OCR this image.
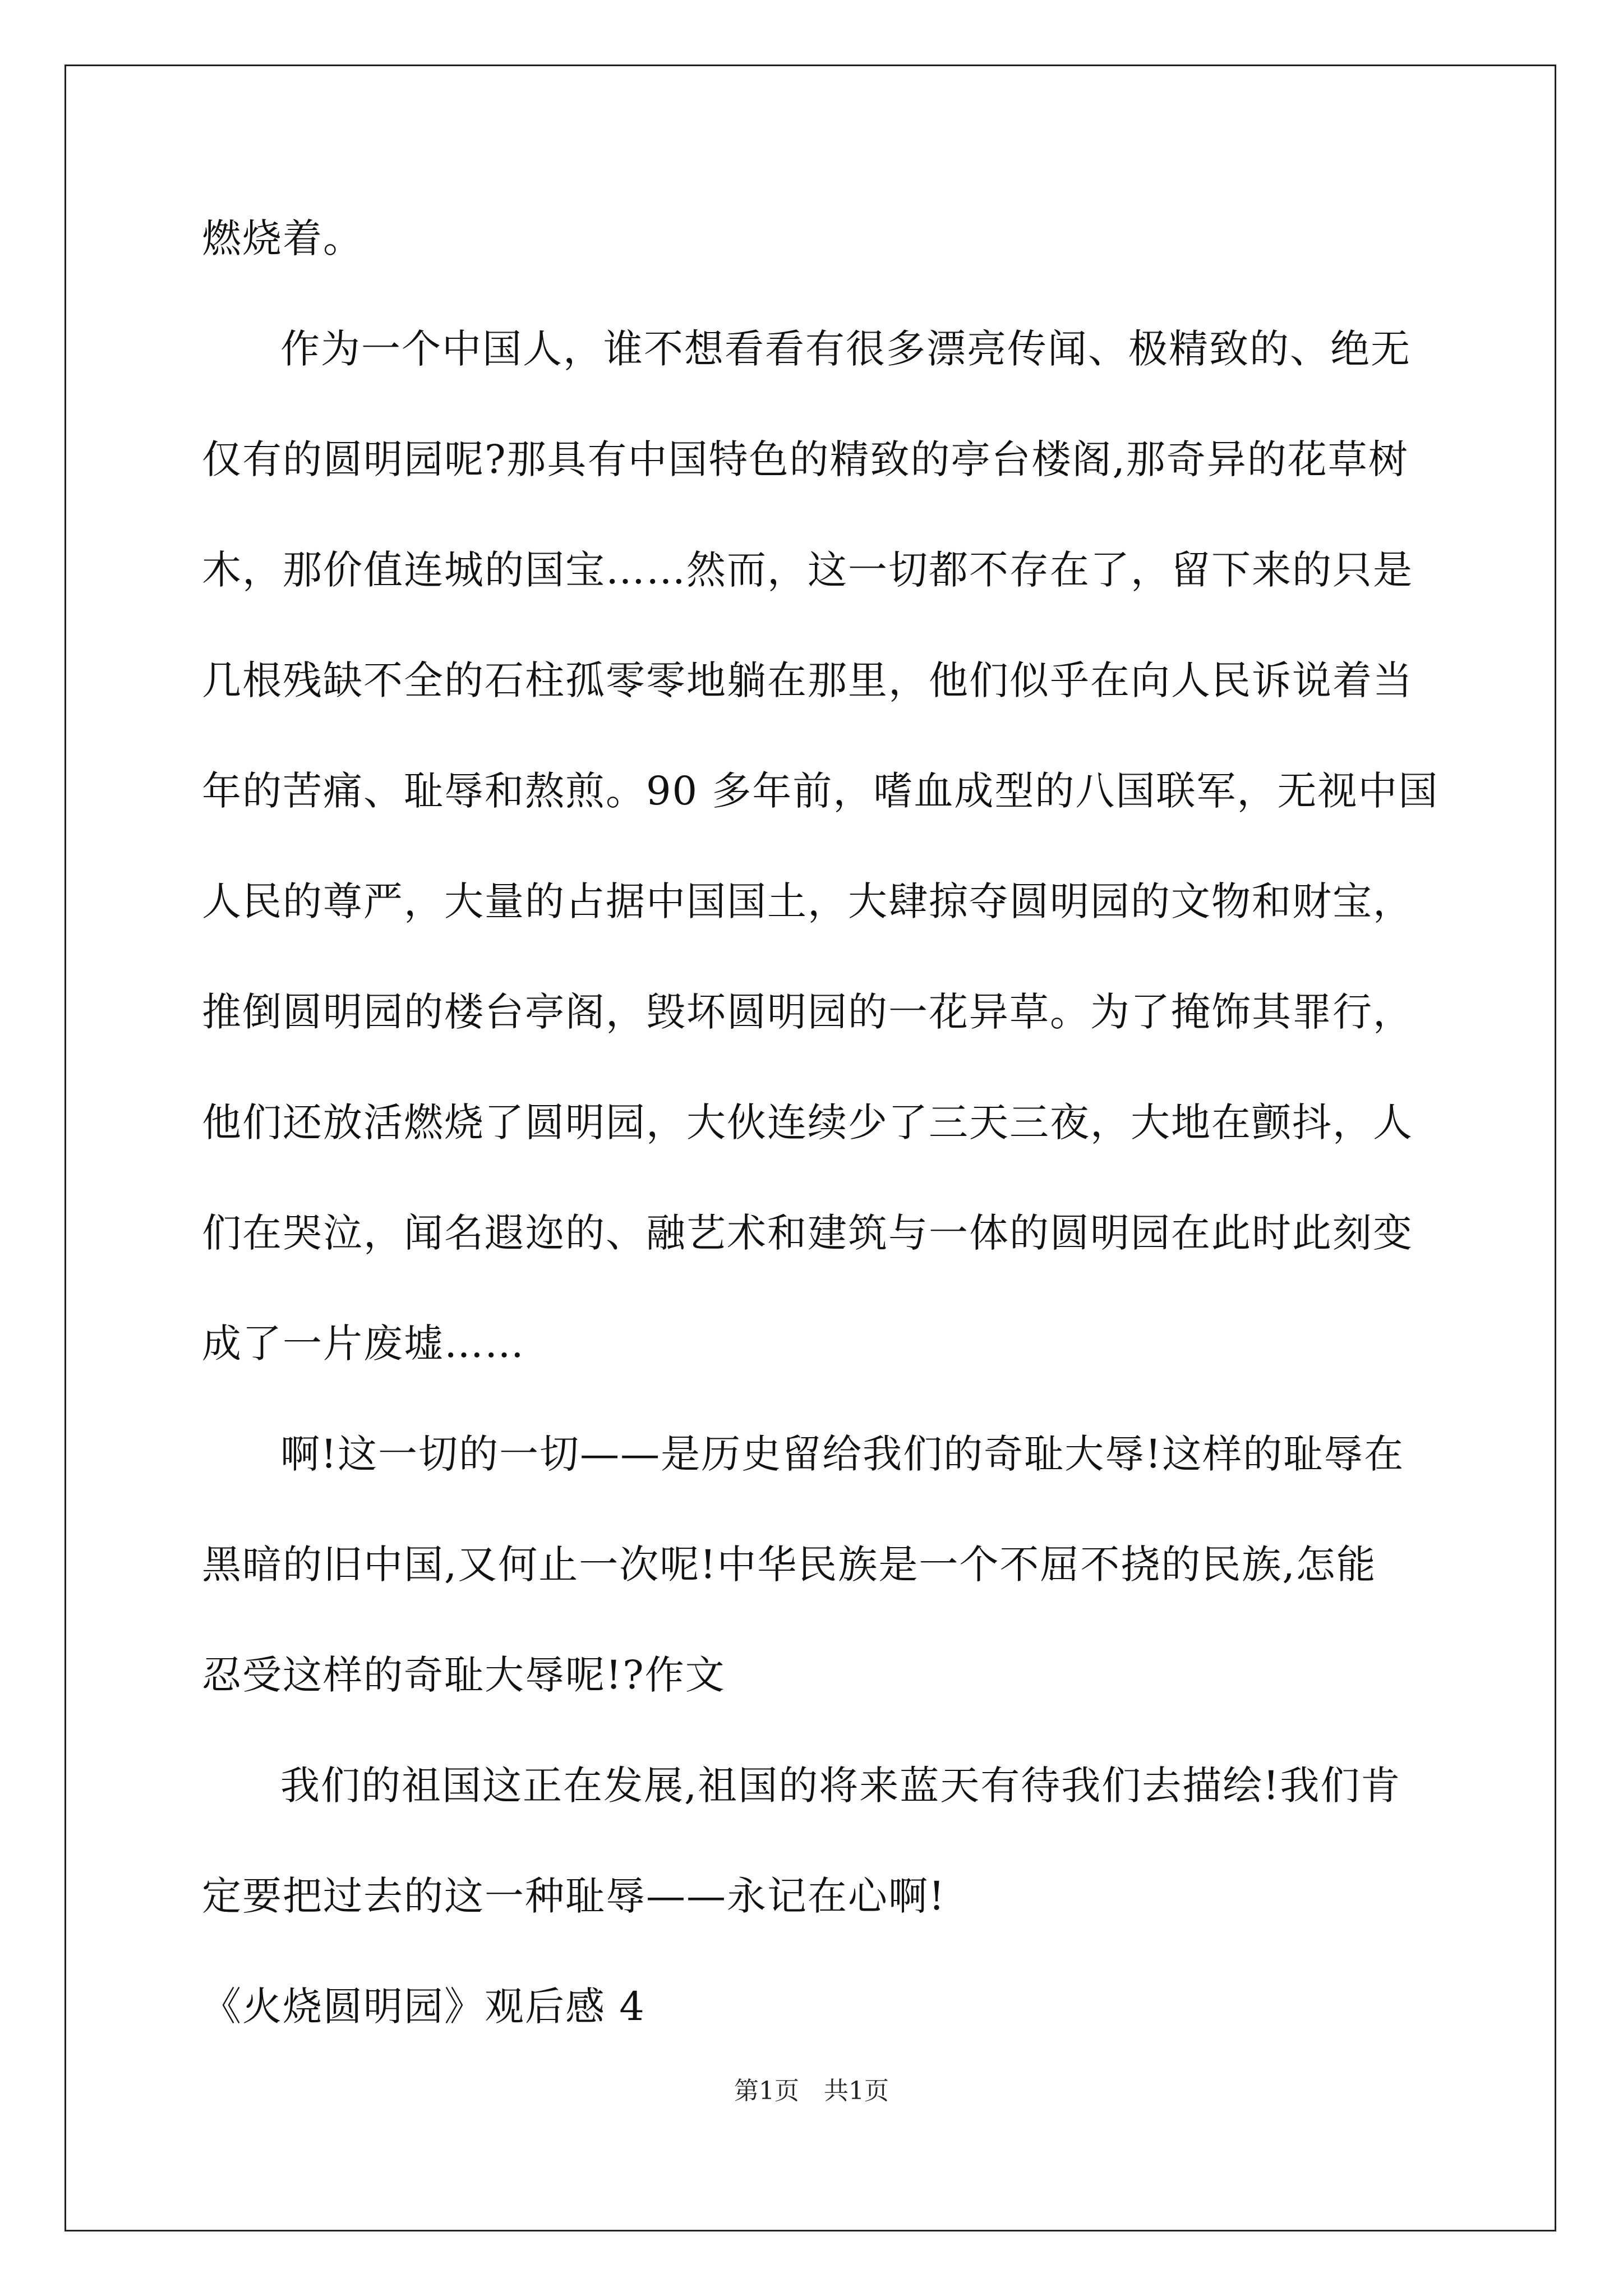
燃烧着。
作为一个中国人，谁不想看看有很多漂亮传闻、极精致的、绝无
仅有的圆明园呢?那具有中国特色的精致的亭台楼阁,那奇异的花草树
木，那价值连城的国宝……然而，这一切都不存在了，留下来的只是
几根残缺不全的石柱孤零零地躺在那里，他们似乎在向人民诉说着当
年的苦痛、耻辱和熬煎。90 多年前，嗜血成型的八国联军，无视中国
人民的尊严，大量的占据中国国土，大肆掠夺圆明园的文物和财宝，
推倒圆明园的楼台亭阁，毁坏圆明园的一花异草。为了掩饰其罪行，
他们还放活燃烧了圆明园，大伙连续少了三天三夜，大地在颤抖，人
们在哭泣，闻名遐迩的、融艺术和建筑与一体的圆明园在此时此刻变
成了一片废墟……
啊!这一切的一切——是历史留给我们的奇耻大辱!这样的耻辱在
黑暗的旧中国,又何止一次呢!中华民族是一个不屈不挠的民族,怎能
忍受这样的奇耻大辱呢!?作文
我们的祖国这正在发展,祖国的将来蓝天有待我们去描绘!我们肯
定要把过去的这一种耻辱——永记在心啊!
《火烧圆明园》观后感 4
第1页　共1页
